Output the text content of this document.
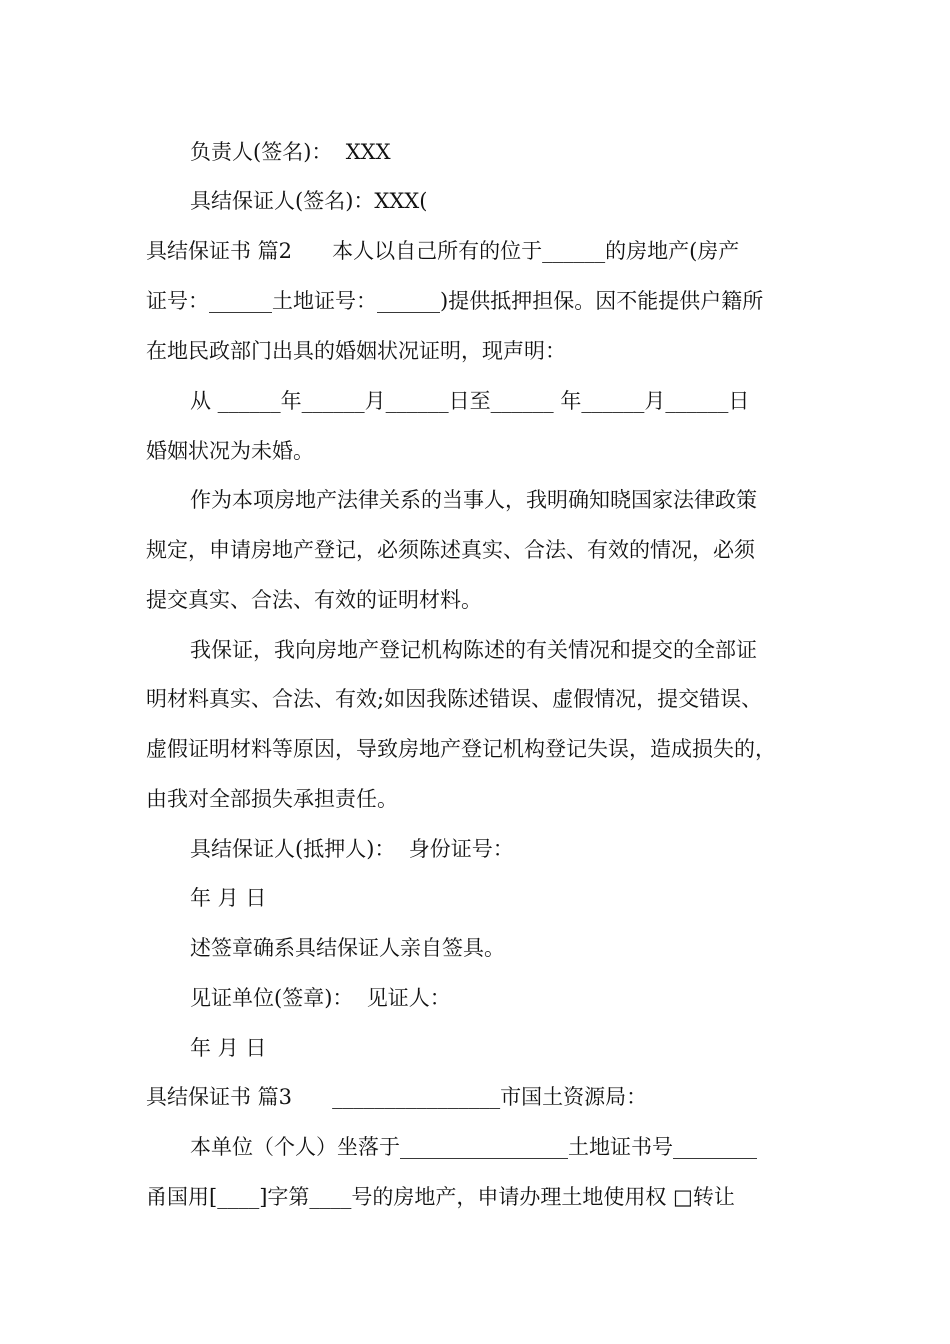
负责人(签名)：  XXX
具结保证人(签名)：XXX(
具结保证书 篇2      本人以自己所有的位于______的房地产(房产
证号：______土地证号：______)提供抵押担保。因不能提供户籍所
在地民政部门出具的婚姻状况证明，现声明：
从 ______年______月______日至______ 年______月______日
婚姻状况为未婚。
作为本项房地产法律关系的当事人，我明确知晓国家法律政策
规定，申请房地产登记，必须陈述真实、合法、有效的情况，必须
提交真实、合法、有效的证明材料。
我保证，我向房地产登记机构陈述的有关情况和提交的全部证
明材料真实、合法、有效;如因我陈述错误、虚假情况，提交错误、
虚假证明材料等原因，导致房地产登记机构登记失误，造成损失的，
由我对全部损失承担责任。
具结保证人(抵押人)：  身份证号：
年 月 日
述签章确系具结保证人亲自签具。
见证单位(签章)：  见证人：
年 月 日
具结保证书 篇3      ________________市国土资源局：
本单位（个人）坐落于________________土地证书号________
甬国用[____]字第____号的房地产，申请办理土地使用权 □转让
